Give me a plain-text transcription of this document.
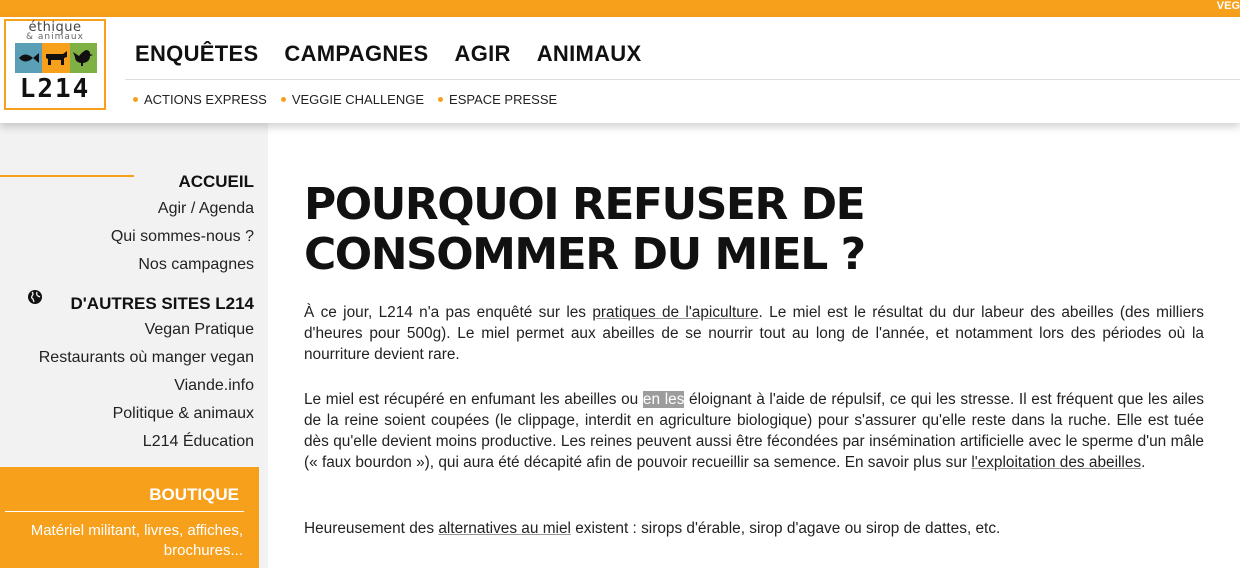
VEG
éthique
& animaux
L214
ENQUÊTES CAMPAGNES AGIR ANIMAUX
ACTIONS EXPRESS VEGGIE CHALLENGE ESPACE PRESSE
ACCUEIL
Agir / Agenda
Qui sommes-nous ?
Nos campagnes
D'AUTRES SITES L214
Vegan Pratique
Restaurants où manger vegan
Viande.info
Politique & animaux
L214 Éducation
BOUTIQUE
Matériel militant, livres, affiches, brochures...
POURQUOI REFUSER DE
CONSOMMER DU MIEL ?

À ce jour, L214 n'a pas enquêté sur les pratiques de l'apiculture. Le miel est le résultat du dur labeur des abeilles (des milliers d'heures pour 500g). Le miel permet aux abeilles de se nourrir tout au long de l'année, et notamment lors des périodes où la nourriture devient rare.

Le miel est récupéré en enfumant les abeilles ou en les éloignant à l'aide de répulsif, ce qui les stresse. Il est fréquent que les ailes de la reine soient coupées (le clippage, interdit en agriculture biologique) pour s'assurer qu'elle reste dans la ruche. Elle est tuée dès qu'elle devient moins productive. Les reines peuvent aussi être fécondées par insémination artificielle avec le sperme d'un mâle (« faux bourdon »), qui aura été décapité afin de pouvoir recueillir sa semence. En savoir plus sur l'exploitation des abeilles.

Heureusement des alternatives au miel existent : sirops d'érable, sirop d'agave ou sirop de dattes, etc.
